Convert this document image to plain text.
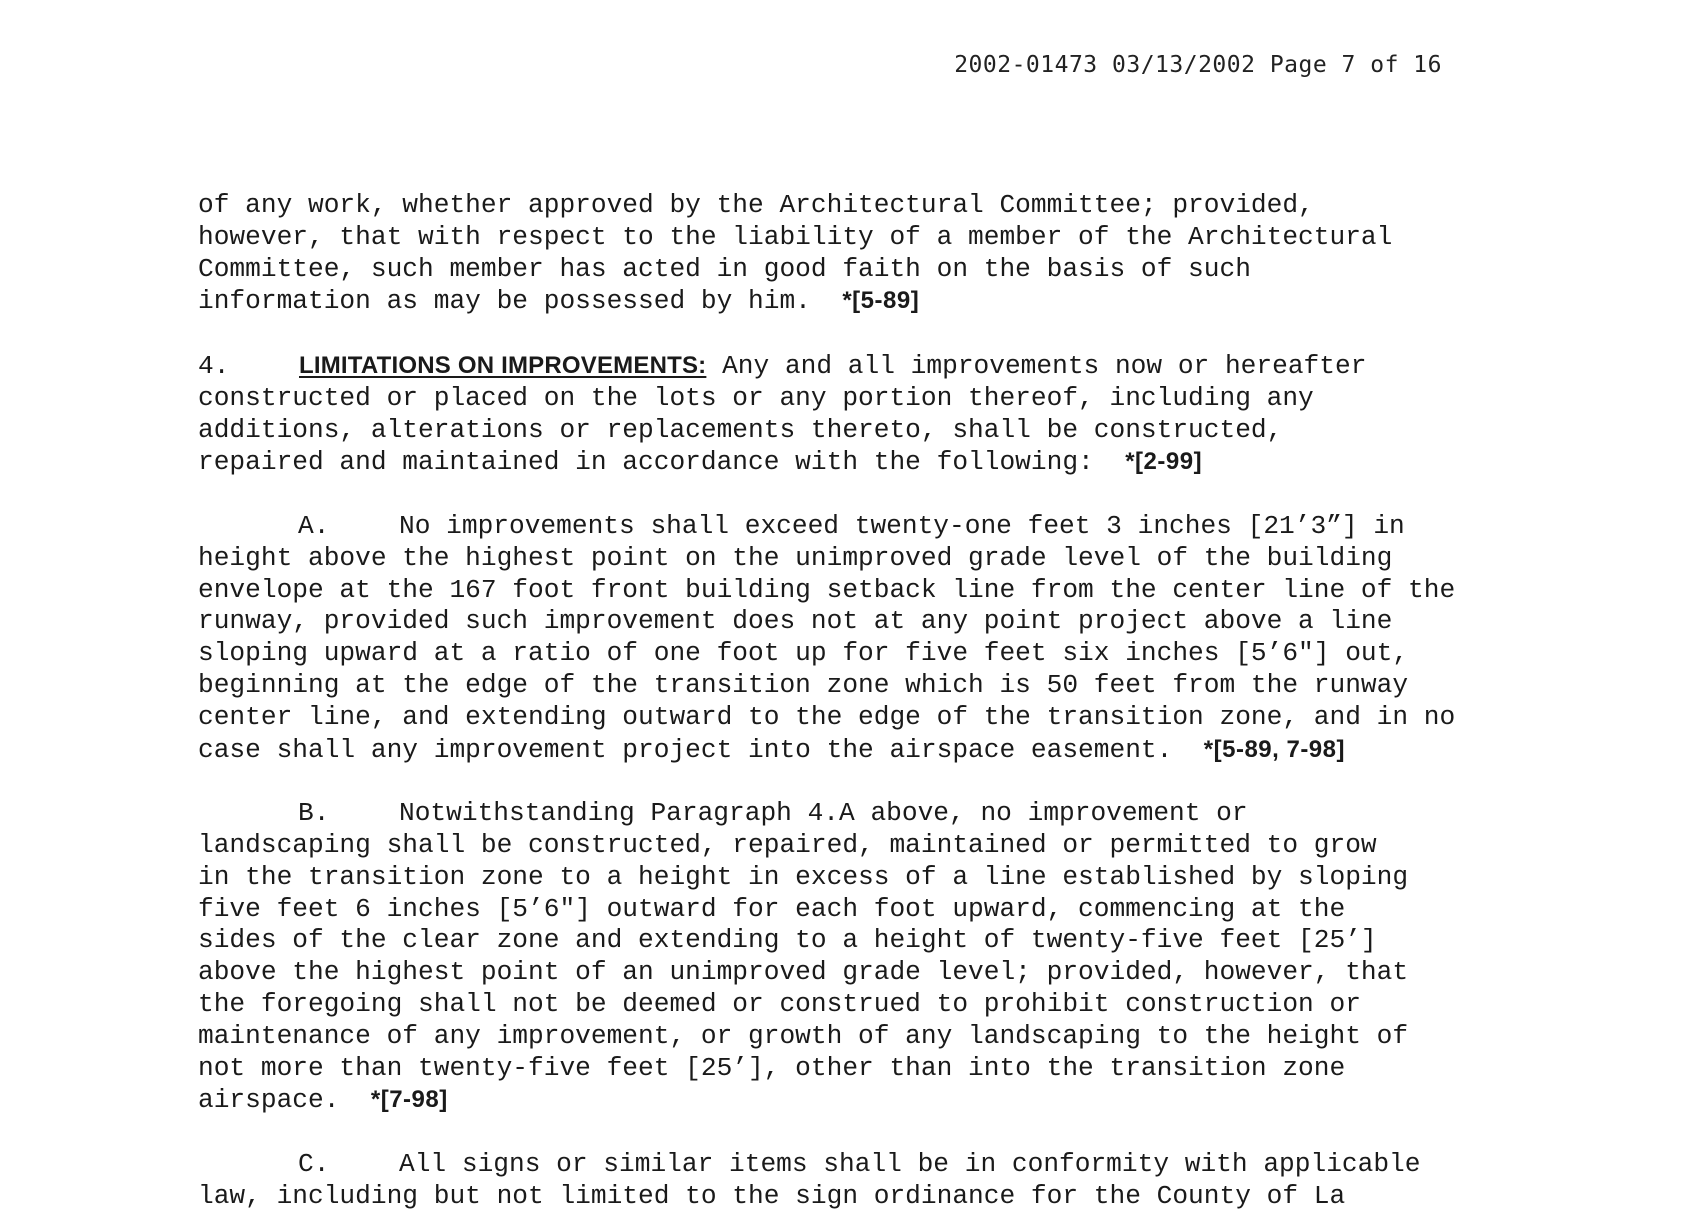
2002-01473 03/13/2002 Page 7 of 16

of any work, whether approved by the Architectural Committee; provided,
however, that with respect to the liability of a member of the Architectural
Committee, such member has acted in good faith on the basis of such
information as may be possessed by him.  *[5-89]

4.	LIMITATIONS ON IMPROVEMENTS: Any and all improvements now or hereafter
constructed or placed on the lots or any portion thereof, including any
additions, alterations or replacements thereto, shall be constructed,
repaired and maintained in accordance with the following:  *[2-99]

A.	No improvements shall exceed twenty-one feet 3 inches [21’3”] in
height above the highest point on the unimproved grade level of the building
envelope at the 167 foot front building setback line from the center line of the
runway, provided such improvement does not at any point project above a line
sloping upward at a ratio of one foot up for five feet six inches [5’6"] out,
beginning at the edge of the transition zone which is 50 feet from the runway
center line, and extending outward to the edge of the transition zone, and in no
case shall any improvement project into the airspace easement.  *[5-89, 7-98]

B.	Notwithstanding Paragraph 4.A above, no improvement or
landscaping shall be constructed, repaired, maintained or permitted to grow
in the transition zone to a height in excess of a line established by sloping
five feet 6 inches [5’6"] outward for each foot upward, commencing at the
sides of the clear zone and extending to a height of twenty-five feet [25’]
above the highest point of an unimproved grade level; provided, however, that
the foregoing shall not be deemed or construed to prohibit construction or
maintenance of any improvement, or growth of any landscaping to the height of
not more than twenty-five feet [25’], other than into the transition zone
airspace.  *[7-98]

C.	All signs or similar items shall be in conformity with applicable
law, including but not limited to the sign ordinance for the County of La
